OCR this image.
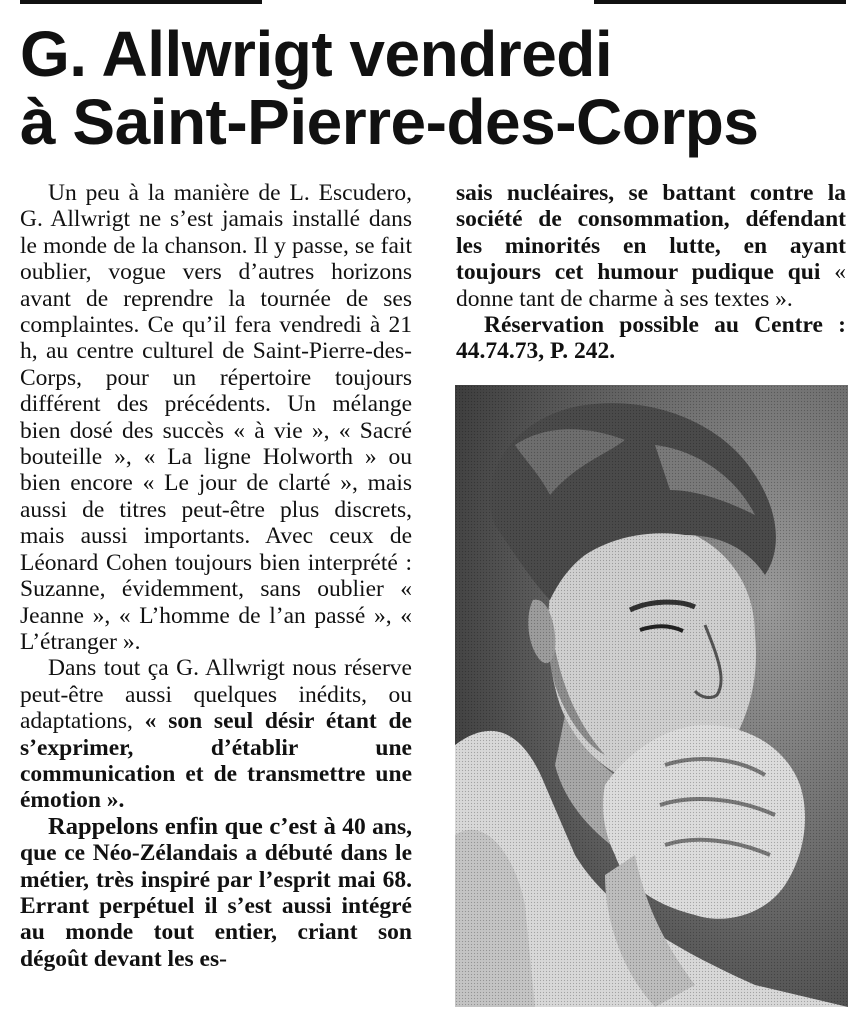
G. Allwrigt vendredi
à Saint-Pierre-des-Corps

Un peu à la manière de L. Escudero, G. Allwrigt ne s’est jamais installé dans le monde de la chanson. Il y passe, se fait oublier, vogue vers d’autres horizons avant de reprendre la tournée de ses complaintes. Ce qu’il fera vendredi à 21 h, au centre culturel de Saint-Pierre-des-Corps, pour un répertoire toujours différent des précédents. Un mélange bien dosé des succès « à vie », « Sacré bouteille », « La ligne Holworth » ou bien encore « Le jour de clarté », mais aussi de titres peut-être plus discrets, mais aussi importants. Avec ceux de Léonard Cohen toujours bien interprété : Suzanne, évidemment, sans oublier « Jeanne », « L’homme de l’an passé », « L’étranger ».

Dans tout ça G. Allwrigt nous réserve peut-être aussi quelques inédits, ou adaptations, « son seul désir étant de s’exprimer, d’établir une communication et de transmettre une émotion ».

Rappelons enfin que c’est à 40 ans, que ce Néo-Zélandais a débuté dans le métier, très inspiré par l’esprit mai 68. Errant perpétuel il s’est aussi intégré au monde tout entier, criant son dégoût devant les es-

sais nucléaires, se battant contre la société de consommation, défendant les minorités en lutte, en ayant toujours cet humour pudique qui « donne tant de charme à ses textes ».

Réservation possible au Centre : 44.74.73, P. 242.
